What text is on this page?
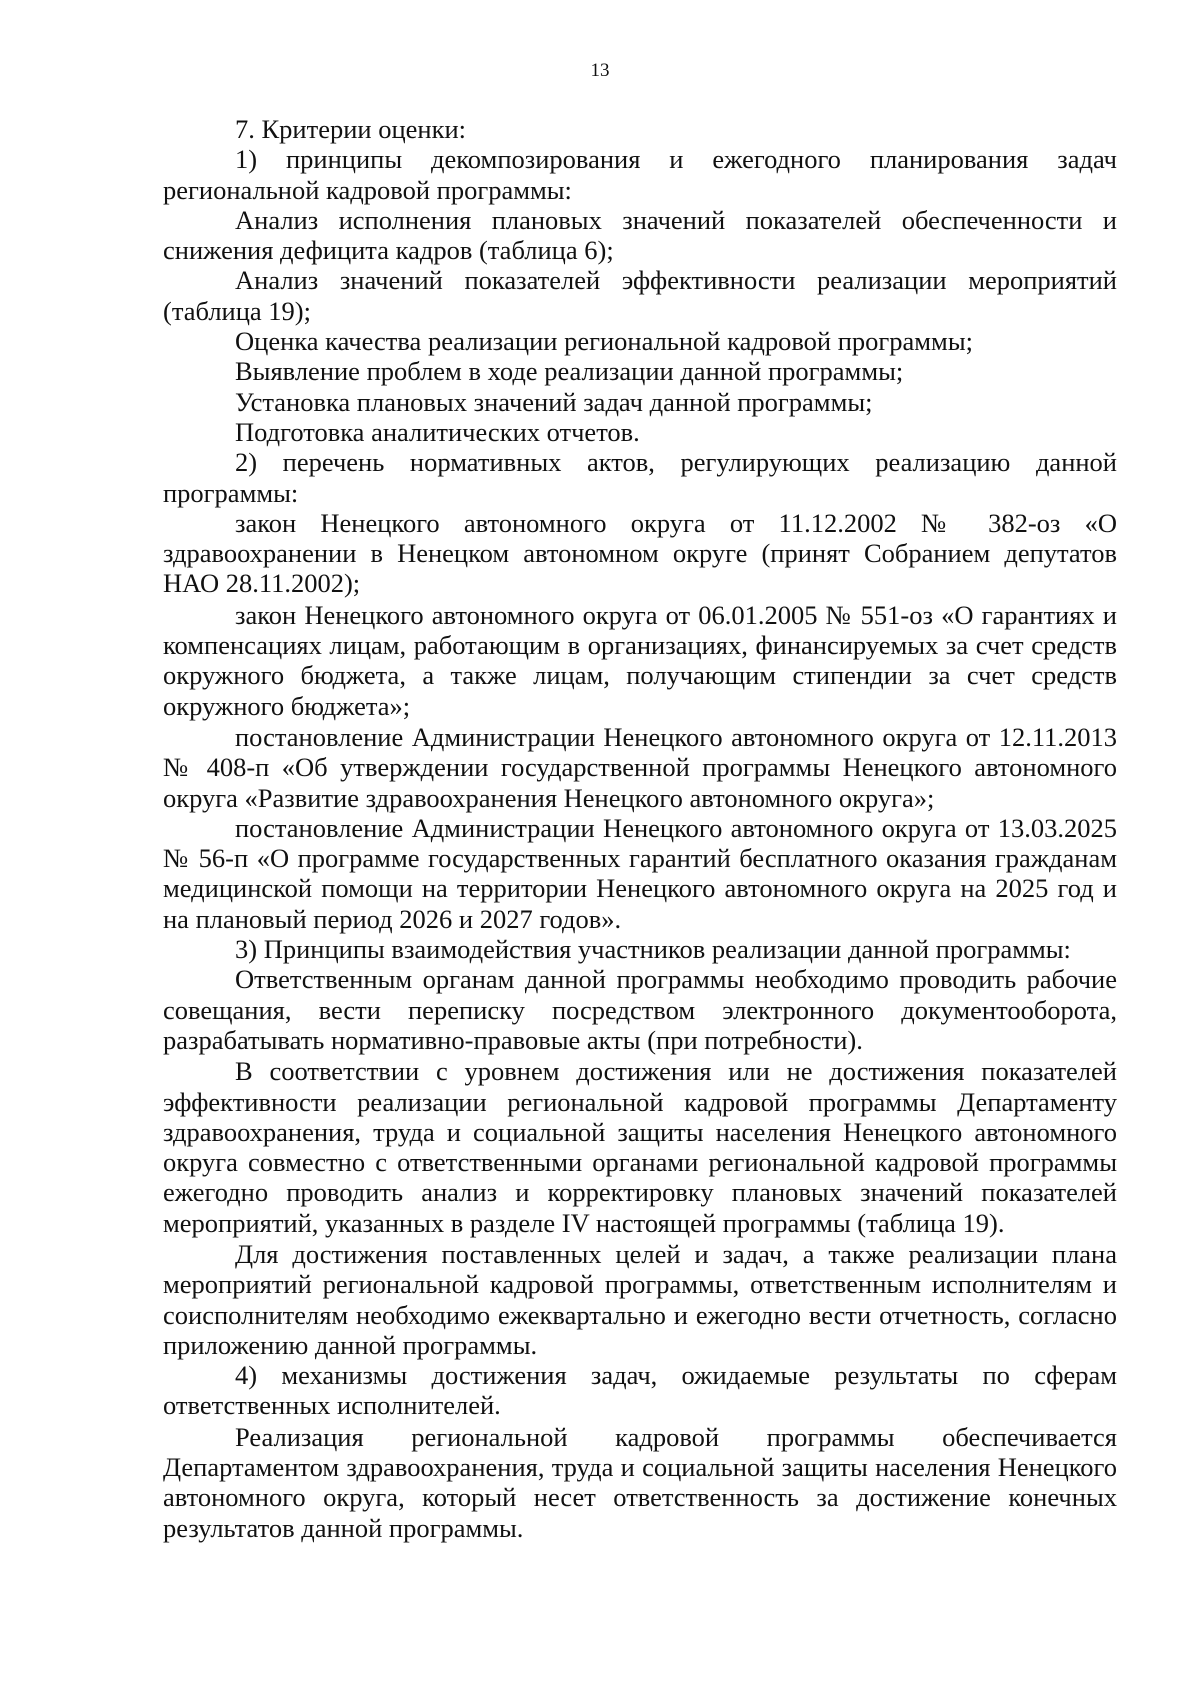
13

7. Критерии оценки:

1) принципы декомпозирования и ежегодного планирования задач региональной кадровой программы:

Анализ исполнения плановых значений показателей обеспеченности и снижения дефицита кадров (таблица 6);

Анализ значений показателей эффективности реализации мероприятий (таблица 19);

Оценка качества реализации региональной кадровой программы;

Выявление проблем в ходе реализации данной программы;

Установка плановых значений задач данной программы;

Подготовка аналитических отчетов.

2) перечень нормативных актов, регулирующих реализацию данной программы:

закон Ненецкого автономного округа от 11.12.2002 № 382-оз «О здравоохранении в Ненецком автономном округе (принят Собранием депутатов НАО 28.11.2002);

закон Ненецкого автономного округа от 06.01.2005 № 551-оз «О гарантиях и компенсациях лицам, работающим в организациях, финансируемых за счет средств окружного бюджета, а также лицам, получающим стипендии за счет средств окружного бюджета»;

постановление Администрации Ненецкого автономного округа от 12.11.2013 № 408-п «Об утверждении государственной программы Ненецкого автономного округа «Развитие здравоохранения Ненецкого автономного округа»;

постановление Администрации Ненецкого автономного округа от 13.03.2025 № 56-п «О программе государственных гарантий бесплатного оказания гражданам медицинской помощи на территории Ненецкого автономного округа на 2025 год и на плановый период 2026 и 2027 годов».

3) Принципы взаимодействия участников реализации данной программы:

Ответственным органам данной программы необходимо проводить рабочие совещания, вести переписку посредством электронного документооборота, разрабатывать нормативно-правовые акты (при потребности).

В соответствии с уровнем достижения или не достижения показателей эффективности реализации региональной кадровой программы Департаменту здравоохранения, труда и социальной защиты населения Ненецкого автономного округа совместно с ответственными органами региональной кадровой программы ежегодно проводить анализ и корректировку плановых значений показателей мероприятий, указанных в разделе IV настоящей программы (таблица 19).

Для достижения поставленных целей и задач, а также реализации плана мероприятий региональной кадровой программы, ответственным исполнителям и соисполнителям необходимо ежеквартально и ежегодно вести отчетность, согласно приложению данной программы.

4) механизмы достижения задач, ожидаемые результаты по сферам ответственных исполнителей.

Реализация региональной кадровой программы обеспечивается Департаментом здравоохранения, труда и социальной защиты населения Ненецкого автономного округа, который несет ответственность за достижение конечных результатов данной программы.
